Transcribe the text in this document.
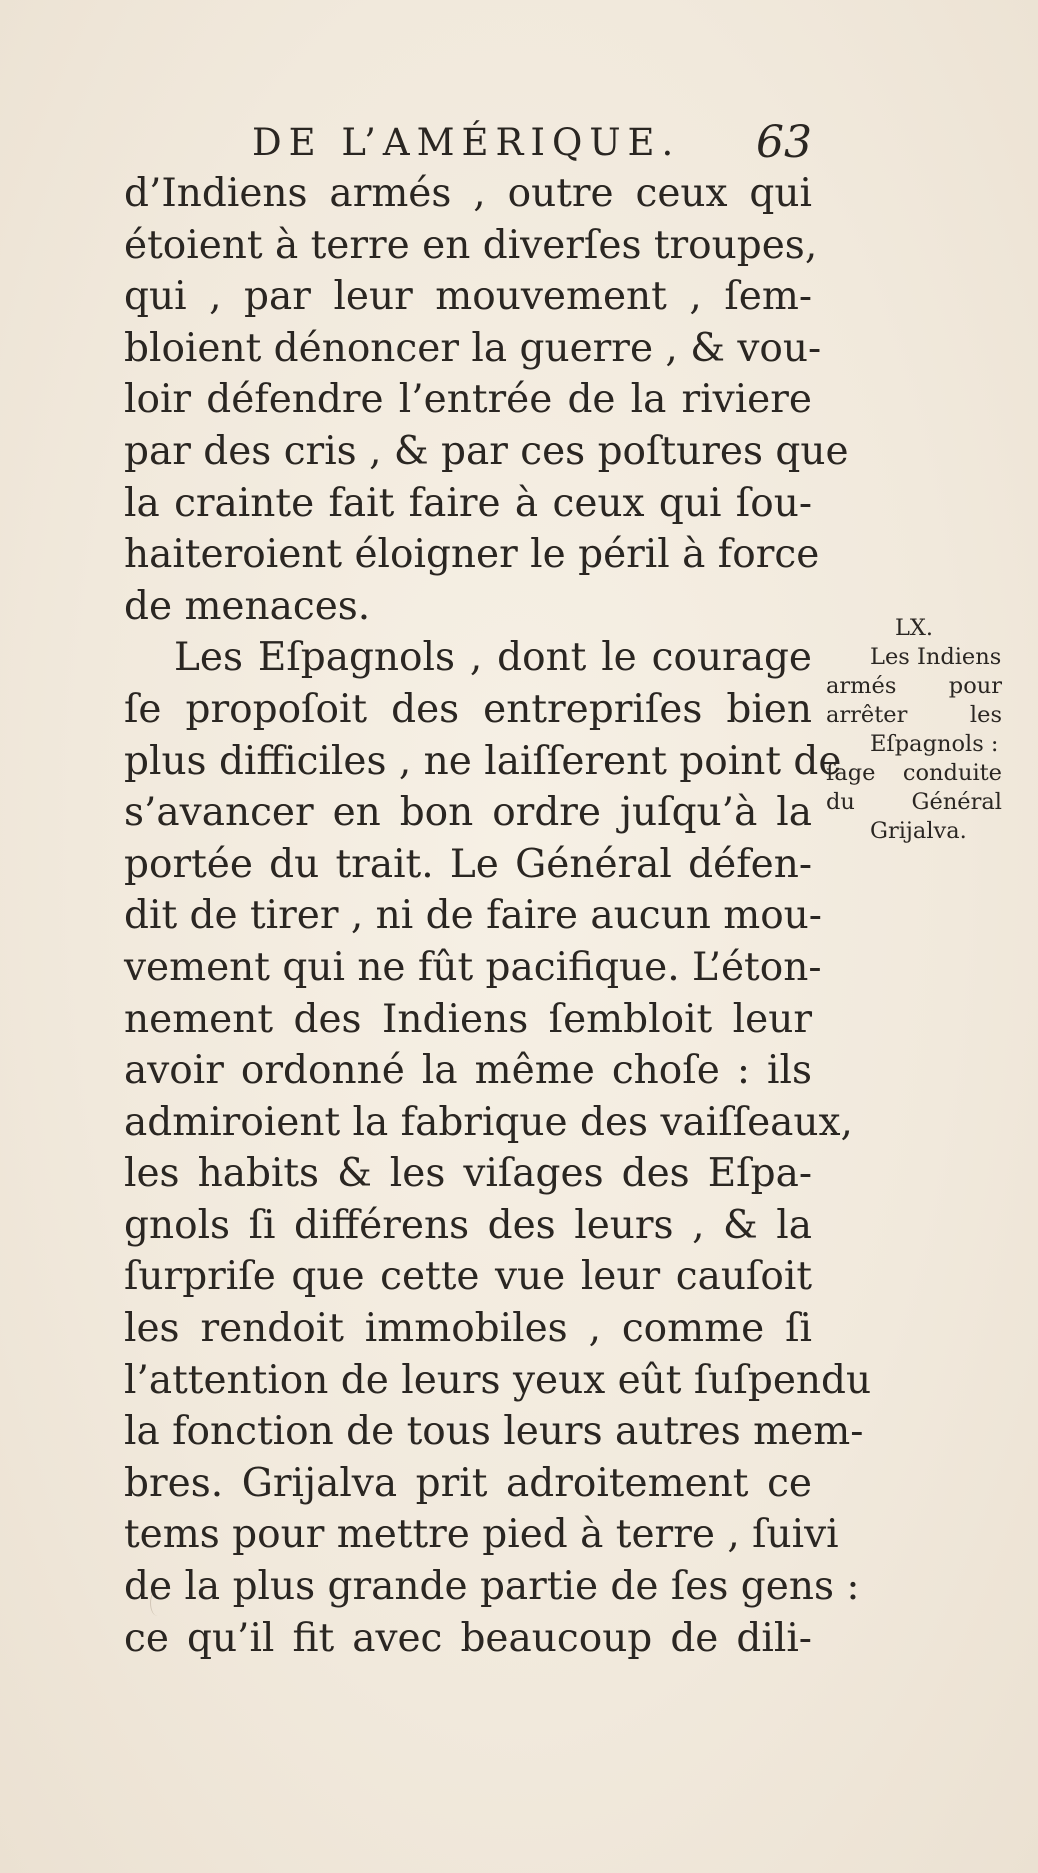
DE L’AMÉRIQUE. 63
d’Indiens armés , outre ceux qui
étoient à terre en diverſes troupes,
qui , par leur mouvement , ſem-
bloient dénoncer la guerre , & vou-
loir défendre l’entrée de la riviere
par des cris , & par ces poſtures que
la crainte fait faire à ceux qui ſou-
haiteroient éloigner le péril à force
de menaces.
Les Eſpagnols , dont le courage
ſe propoſoit des entrepriſes bien
plus difficiles , ne laiſſerent point de
s’avancer en bon ordre juſqu’à la
portée du trait. Le Général défen-
dit de tirer , ni de faire aucun mou-
vement qui ne fût pacifique. L’éton-
nement des Indiens ſembloit leur
avoir ordonné la même choſe : ils
admiroient la fabrique des vaiſſeaux,
les habits & les viſages des Eſpa-
gnols ſi différens des leurs , & la
ſurpriſe que cette vue leur cauſoit
les rendoit immobiles , comme ſi
l’attention de leurs yeux eût ſuſpendu
la fonction de tous leurs autres mem-
bres. Grijalva prit adroitement ce
tems pour mettre pied à terre , ſuivi
de la plus grande partie de ſes gens :
ce qu’il fit avec beaucoup de dili-
LX.
Les Indiens
armés pour
arrêter les
Eſpagnols :
ſage conduite
du Général
Grijalva.
